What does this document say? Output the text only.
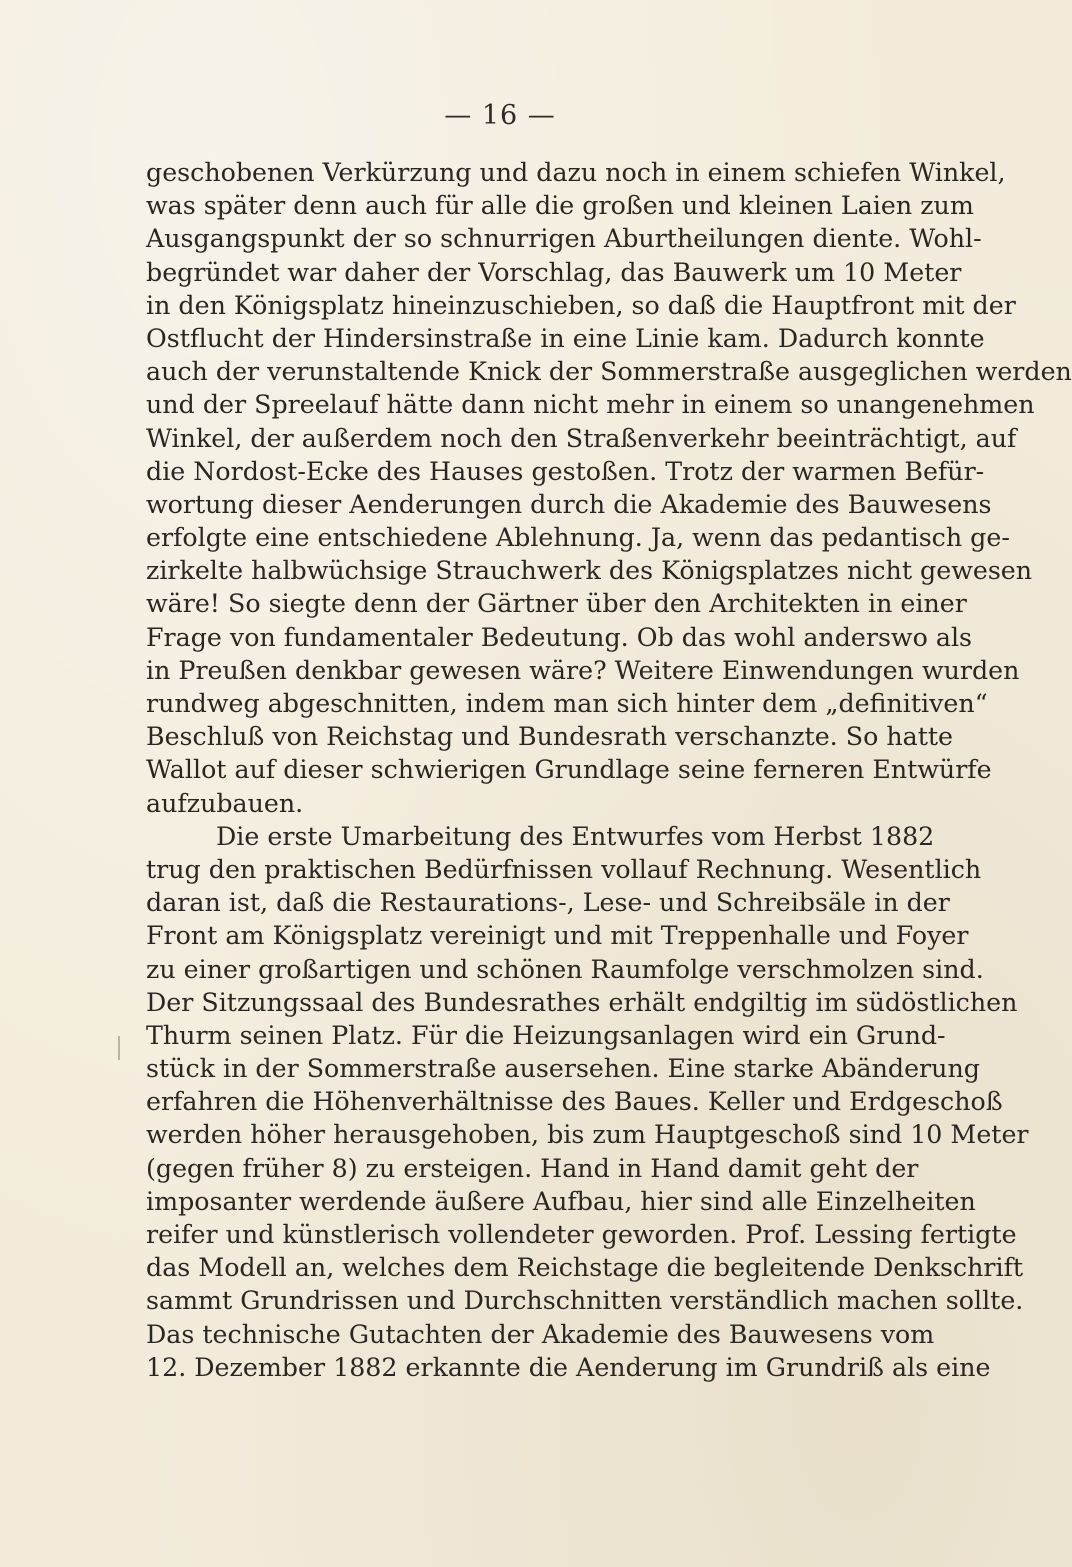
— 16 —
geschobenen Verkürzung und dazu noch in einem schiefen Winkel,
was später denn auch für alle die großen und kleinen Laien zum
Ausgangspunkt der so schnurrigen Aburtheilungen diente. Wohl-
begründet war daher der Vorschlag, das Bauwerk um 10 Meter
in den Königsplatz hineinzuschieben, so daß die Hauptfront mit der
Ostflucht der Hindersinstraße in eine Linie kam. Dadurch konnte
auch der verunstaltende Knick der Sommerstraße ausgeglichen werden
und der Spreelauf hätte dann nicht mehr in einem so unangenehmen
Winkel, der außerdem noch den Straßenverkehr beeinträchtigt, auf
die Nordost-Ecke des Hauses gestoßen. Trotz der warmen Befür-
wortung dieser Aenderungen durch die Akademie des Bauwesens
erfolgte eine entschiedene Ablehnung. Ja, wenn das pedantisch ge-
zirkelte halbwüchsige Strauchwerk des Königsplatzes nicht gewesen
wäre! So siegte denn der Gärtner über den Architekten in einer
Frage von fundamentaler Bedeutung. Ob das wohl anderswo als
in Preußen denkbar gewesen wäre? Weitere Einwendungen wurden
rundweg abgeschnitten, indem man sich hinter dem „definitiven“
Beschluß von Reichstag und Bundesrath verschanzte. So hatte
Wallot auf dieser schwierigen Grundlage seine ferneren Entwürfe
aufzubauen.
Die erste Umarbeitung des Entwurfes vom Herbst 1882
trug den praktischen Bedürfnissen vollauf Rechnung. Wesentlich
daran ist, daß die Restaurations-, Lese- und Schreibsäle in der
Front am Königsplatz vereinigt und mit Treppenhalle und Foyer
zu einer großartigen und schönen Raumfolge verschmolzen sind.
Der Sitzungssaal des Bundesrathes erhält endgiltig im südöstlichen
Thurm seinen Platz. Für die Heizungsanlagen wird ein Grund-
stück in der Sommerstraße ausersehen. Eine starke Abänderung
erfahren die Höhenverhältnisse des Baues. Keller und Erdgeschoß
werden höher herausgehoben, bis zum Hauptgeschoß sind 10 Meter
(gegen früher 8) zu ersteigen. Hand in Hand damit geht der
imposanter werdende äußere Aufbau, hier sind alle Einzelheiten
reifer und künstlerisch vollendeter geworden. Prof. Lessing fertigte
das Modell an, welches dem Reichstage die begleitende Denkschrift
sammt Grundrissen und Durchschnitten verständlich machen sollte.
Das technische Gutachten der Akademie des Bauwesens vom
12. Dezember 1882 erkannte die Aenderung im Grundriß als eine
